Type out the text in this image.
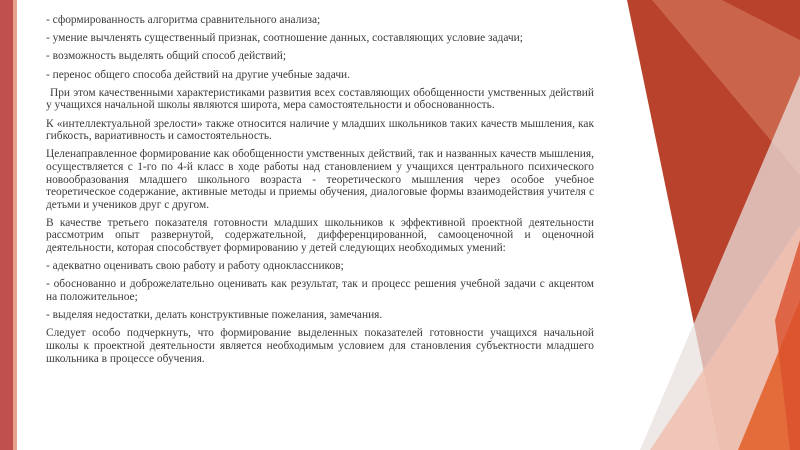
- сформированность алгоритма сравнительного анализа;

- умение вычленять существенный признак, соотношение данных, составляющих условие задачи;

- возможность выделять общий способ действий;

- перенос общего способа действий на другие учебные задачи.

При этом качественными характеристиками развития всех составляющих обобщенности умственных действий у учащихся начальной школы являются широта, мера самостоятельности и обоснованность.

К «интеллектуальной зрелости» также относится наличие у младших школьников таких качеств мышления, как гибкость, вариативность и самостоятельность.

Целенаправленное формирование как обобщенности умственных действий, так и названных качеств мышления, осуществляется с 1-го по 4-й класс в ходе работы над становлением у учащихся центрального психического новообразования младшего школьного возраста - теоретического мышления через особое учебное теоретическое содержание, активные методы и приемы обучения, диалоговые формы взаимодействия учителя с детьми и учеников друг с другом.

В качестве третьего показателя готовности младших школьников к эффективной проектной деятельности рассмотрим опыт развернутой, содержательной, дифференцированной, самооценочной и оценочной деятельности, которая способствует формированию у детей следующих необходимых умений:

- адекватно оценивать свою работу и работу одноклассников;

- обоснованно и доброжелательно оценивать как результат, так и процесс решения учебной задачи с акцентом на положительное;

- выделяя недостатки, делать конструктивные пожелания, замечания.

Следует особо подчеркнуть, что формирование выделенных показателей готовности учащихся начальной школы к проектной деятельности является необходимым условием для становления субъектности младшего школьника в процессе обучения.
